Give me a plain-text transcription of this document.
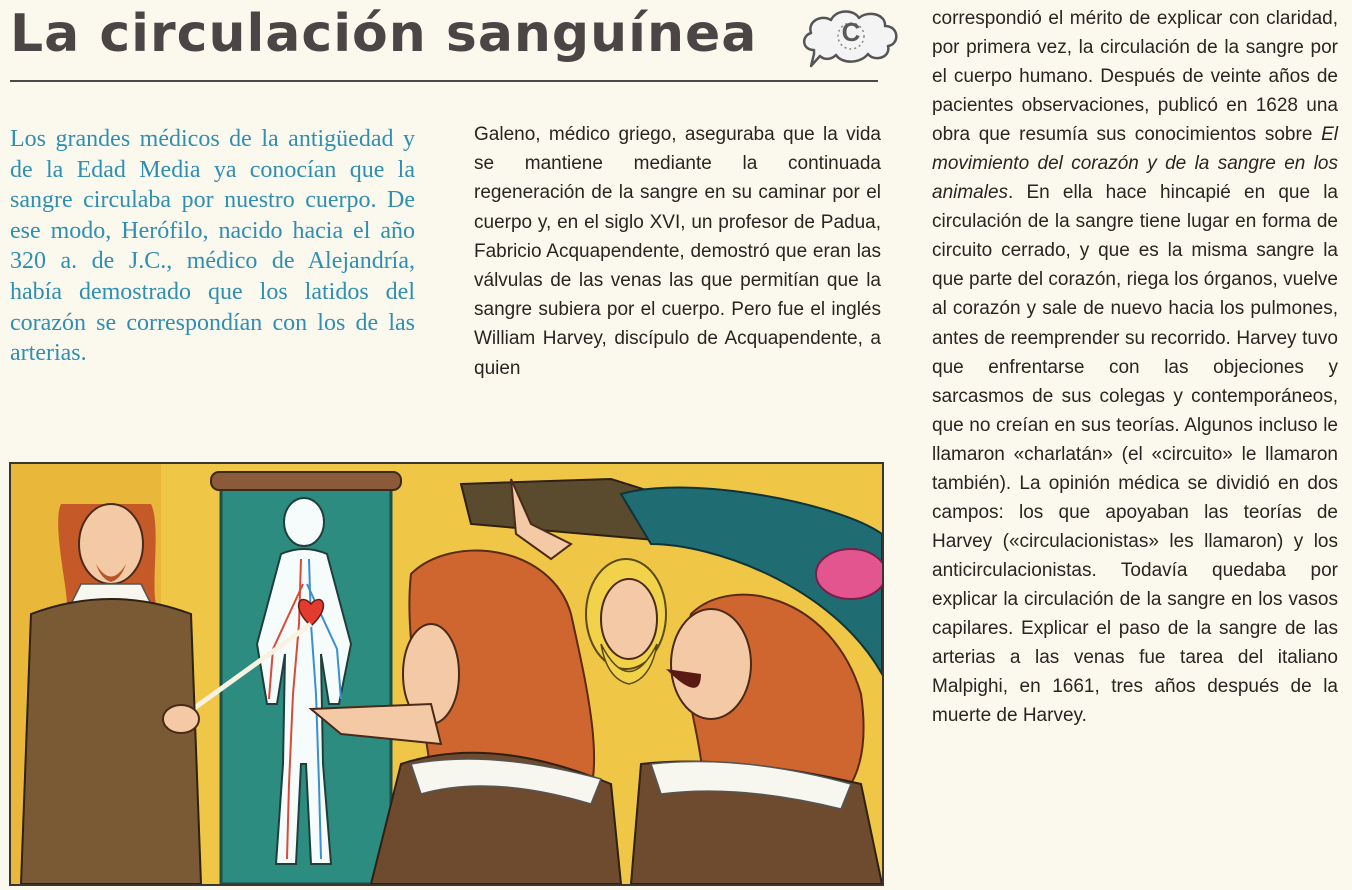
La circulación sanguínea	C

Los grandes médicos de la antigüedad y de la Edad Media ya conocían que la sangre circulaba por nuestro cuerpo. De ese modo, Herófilo, nacido hacia el año 320 a. de J.C., médico de Alejandría, había demostrado que los latidos del corazón se correspondían con los de las arterias.

Galeno, médico griego, aseguraba que la vida se mantiene mediante la continuada regeneración de la sangre en su caminar por el cuerpo y, en el siglo XVI, un profesor de Padua, Fabricio Acquapendente, demostró que eran las válvulas de las venas las que permitían que la sangre subiera por el cuerpo. Pero fue el inglés William Harvey, discípulo de Acquapendente, a quien

correspondió el mérito de explicar con claridad, por primera vez, la circulación de la sangre por el cuerpo humano. Después de veinte años de pacientes observaciones, publicó en 1628 una obra que resumía sus conocimientos sobre El movimiento del corazón y de la sangre en los animales. En ella hace hincapié en que la circulación de la sangre tiene lugar en forma de circuito cerrado, y que es la misma sangre la que parte del corazón, riega los órganos, vuelve al corazón y sale de nuevo hacia los pulmones, antes de reemprender su recorrido. Harvey tuvo que enfrentarse con las objeciones y sarcasmos de sus colegas y contemporáneos, que no creían en sus teorías. Algunos incluso le llamaron «charlatán» (el «circuito» le llamaron también). La opinión médica se dividió en dos campos: los que apoyaban las teorías de Harvey («circulacionistas» les llamaron) y los anticirculacionistas. Todavía quedaba por explicar la circulación de la sangre en los vasos capilares. Explicar el paso de la sangre de las arterias a las venas fue tarea del italiano Malpighi, en 1661, tres años después de la muerte de Harvey.
